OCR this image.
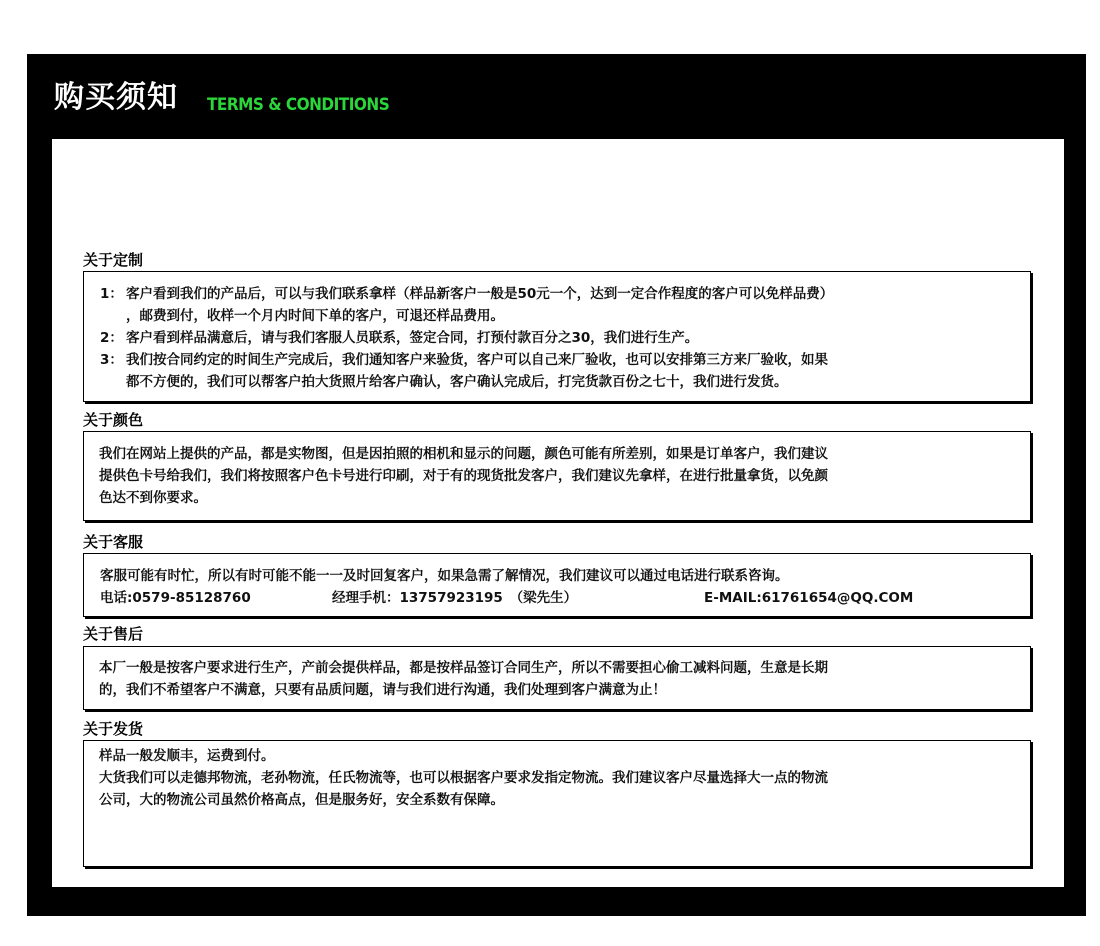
购买须知 TERMS & CONDITIONS
关于定制

1： 客户看到我们的产品后，可以与我们联系拿样（样品新客户一般是50元一个，达到一定合作程度的客户可以免样品费）

，邮费到付，收样一个月内时间下单的客户，可退还样品费用。

2： 客户看到样品满意后，请与我们客服人员联系，签定合同，打预付款百分之30，我们进行生产。

3： 我们按合同约定的时间生产完成后，我们通知客户来验货，客户可以自己来厂验收，也可以安排第三方来厂验收，如果

都不方便的，我们可以帮客户拍大货照片给客户确认，客户确认完成后，打完货款百份之七十，我们进行发货。

关于颜色

我们在网站上提供的产品，都是实物图，但是因拍照的相机和显示的问题，颜色可能有所差别，如果是订单客户，我们建议

提供色卡号给我们，我们将按照客户色卡号进行印刷，对于有的现货批发客户，我们建议先拿样，在进行批量拿货，以免颜

色达不到你要求。

关于客服

客服可能有时忙，所以有时可能不能一一及时回复客户，如果急需了解情况，我们建议可以通过电话进行联系咨询。

电话:0579-85128760	经理手机：13757923195　（梁先生）	E-MAIL:61761654@QQ.COM
关于售后

本厂一般是按客户要求进行生产，产前会提供样品，都是按样品签订合同生产，所以不需要担心偷工减料问题，生意是长期

的，我们不希望客户不满意，只要有品质问题，请与我们进行沟通，我们处理到客户满意为止！

关于发货

样品一般发顺丰，运费到付。

大货我们可以走德邦物流，老孙物流，任氏物流等，也可以根据客户要求发指定物流。我们建议客户尽量选择大一点的物流

公司，大的物流公司虽然价格高点，但是服务好，安全系数有保障。
